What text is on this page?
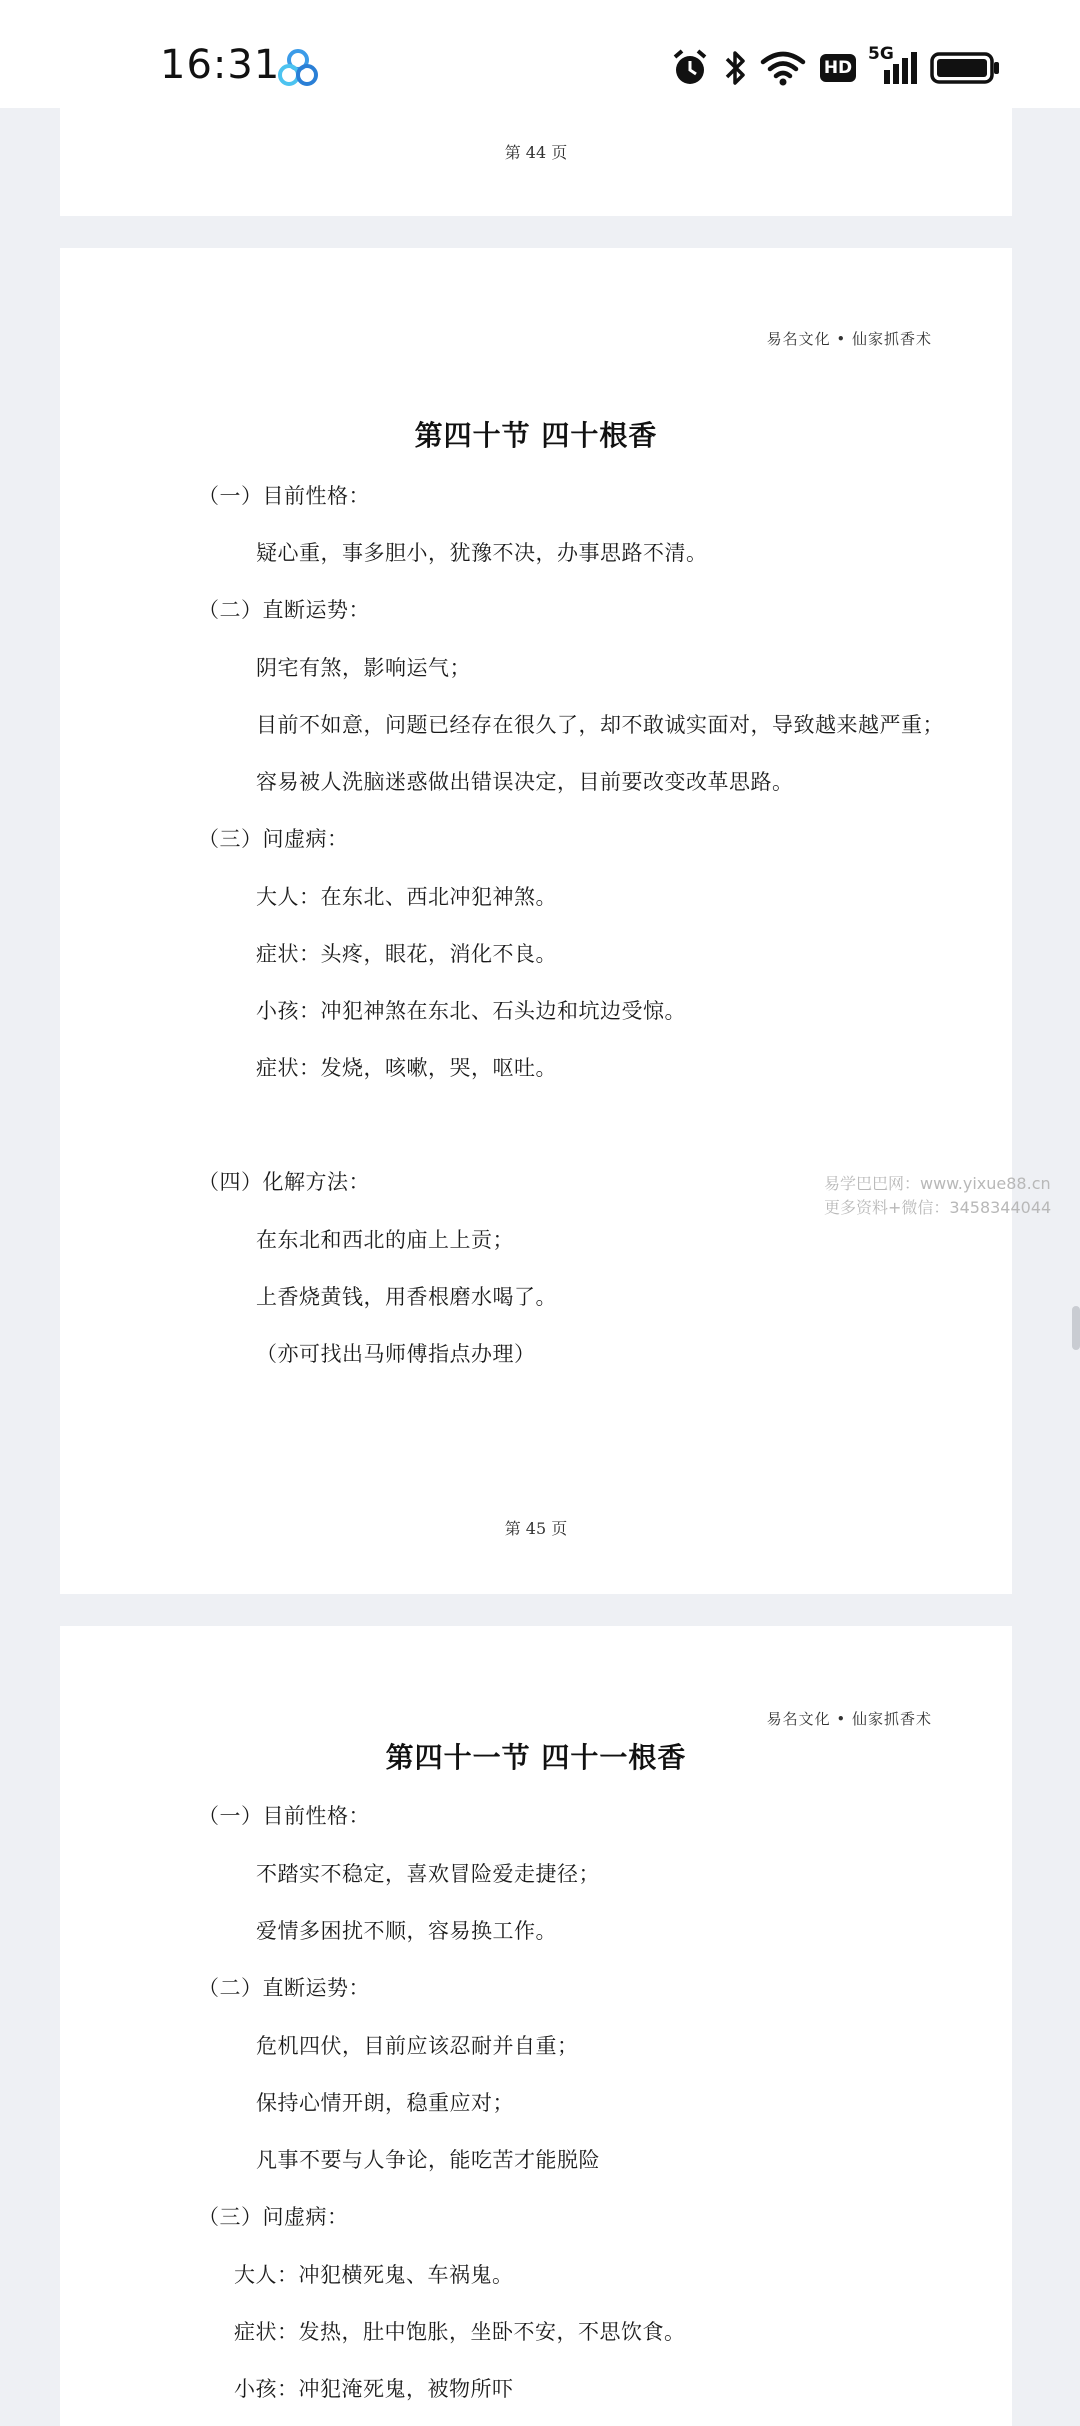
16:31	HD
5G
第 44 页
易名文化 • 仙家抓香术
第四十节 四十根香
（一）目前性格：
疑心重，事多胆小，犹豫不决，办事思路不清。
（二）直断运势：
阴宅有煞，影响运气；
目前不如意，问题已经存在很久了，却不敢诚实面对，导致越来越严重；
容易被人洗脑迷惑做出错误决定，目前要改变改革思路。
（三）问虚病：
大人：在东北、西北冲犯神煞。
症状：头疼，眼花，消化不良。
小孩：冲犯神煞在东北、石头边和坑边受惊。
症状：发烧，咳嗽，哭，呕吐。
（四）化解方法：
在东北和西北的庙上上贡；
上香烧黄钱，用香根磨水喝了。
（亦可找出马师傅指点办理）
第 45 页
易名文化 • 仙家抓香术
第四十一节 四十一根香
（一）目前性格：
不踏实不稳定，喜欢冒险爱走捷径；
爱情多困扰不顺，容易换工作。
（二）直断运势：
危机四伏，目前应该忍耐并自重；
保持心情开朗，稳重应对；
凡事不要与人争论，能吃苦才能脱险
（三）问虚病：
大人：冲犯横死鬼、车祸鬼。
症状：发热，肚中饱胀，坐卧不安，不思饮食。
小孩：冲犯淹死鬼，被物所吓
易学巴巴网：www.yixue88.cn
更多资料+微信：3458344044
